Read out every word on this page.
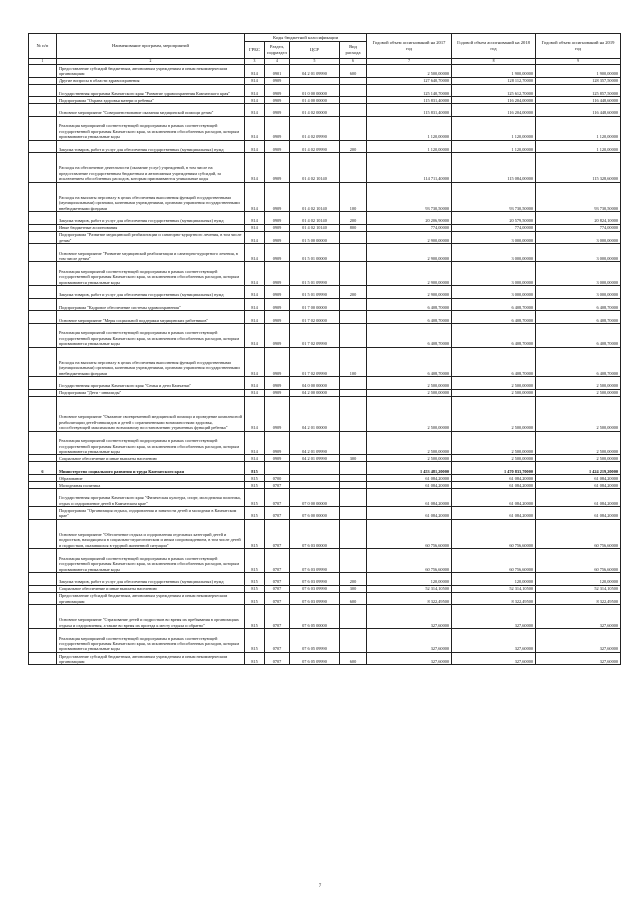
№ п/п	Наименование программ, мероприятий	Коды бюджетной классификации				Годовой объем ассигнований на 2017 год	Годовой объем ассигнований на 2018 год	Годовой объем ассигнований на 2019 год
		ГРБС	Раздел, подраздел	ЦСР	Вид расхода			
1	2	3	4	5	6	7	8	9
	Предоставление субсидий бюджетным, автономным учреждениям и иным некоммерческим организациям	814	0901	04 2 01 09990	600	2 500,00000	1 900,00000	1 900,00000
	Другие вопросы в области здравоохранения	814	0909			127 640,70000	128 112,70000	128 357,50000
	Государственная программа Камчатского края "Развитие здравоохранения Камчатского края"	814	0909	01 0 00 00000		125 140,70000	125 612,70000	125 857,50000
	Подпрограмма "Охрана здоровья матери и ребенка"	814	0909	01 4 00 00000		115 831,40000	116 204,00000	116 448,60000
	Основное мероприятие "Совершенствование оказания медицинской помощи детям"	814	0909	01 4 02 00000		115 831,40000	116 204,00000	116 448,60000
	Реализация мероприятий соответствующей подпрограммы в рамках соответствующей государственной программы Камчатского края, за исключением обособленных расходов, которым присваиваются уникальные коды	814	0909	01 4 02 09990		1 120,00000	1 120,00000	1 120,00000
	Закупка товаров, работ и услуг для обеспечения государственных (муниципальных) нужд	814	0909	01 4 02 09990	200	1 120,00000	1 120,00000	1 120,00000
	Расходы на обеспечение деятельности (оказание услуг) учреждений, в том числе на предоставление государственным бюджетным и автономным учреждениям субсидий, за исключением обособленных расходов, которым присваиваются уникальные коды	814	0909	01 4 02 10140		114 711,40000	115 084,00000	115 328,60000
	Расходы на выплаты персоналу в целях обеспечения выполнения функций государственными (муниципальными) органами, казенными учреждениями, органами управления государственными внебюджетными фондами	814	0909	01 4 02 10140	100	93 730,50000	93 730,50000	93 730,50000
	Закупка товаров, работ и услуг для обеспечения государственных (муниципальных) нужд	814	0909	01 4 02 10140	200	20 206,90000	20 579,50000	20 824,10000
	Иные бюджетные ассигнования	814	0909	01 4 02 10140	800	774,00000	774,00000	774,00000
	Подпрограмма "Развитие медицинской реабилитации и санаторно-курортного лечения, в том числе детям"	814	0909	01 5 00 00000		2 900,00000	3 000,00000	3 000,00000
	Основное мероприятие "Развитие медицинской реабилитации и санаторно-курортного лечения, в том числе детям"	814	0909	01 5 01 00000		2 900,00000	3 000,00000	3 000,00000
	Реализация мероприятий соответствующей подпрограммы в рамках соответствующей государственной программы Камчатского края, за исключением обособленных расходов, которым присваиваются уникальные коды	814	0909	01 5 01 09990		2 900,00000	3 000,00000	3 000,00000
	Закупка товаров, работ и услуг для обеспечения государственных (муниципальных) нужд	814	0909	01 5 01 09990	200	2 900,00000	3 000,00000	3 000,00000
	Подпрограмма "Кадровое обеспечение системы здравоохранения"	814	0909	01 7 00 00000		6 408,70000	6 408,70000	6 408,70000
	Основное мероприятие "Меры социальной поддержки медицинских работников"	814	0909	01 7 02 00000		6 408,70000	6 408,70000	6 408,70000
	Реализация мероприятий соответствующей подпрограммы в рамках соответствующей государственной программы Камчатского края, за исключением обособленных расходов, которым присваиваются уникальные коды	814	0909	01 7 02 09990		6 408,70000	6 408,70000	6 408,70000
	Расходы на выплаты персоналу в целях обеспечения выполнения функций государственными (муниципальными) органами, казенными учреждениями, органами управления государственными внебюджетными фондами	814	0909	01 7 02 09990	100	6 408,70000	6 408,70000	6 408,70000
	Государственная программа Камчатского края "Семья и дети Камчатки"	814	0909	04 0 00 00000		2 500,00000	2 500,00000	2 500,00000
	Подпрограмма "Дети - инвалиды"	814	0909	04 2 00 00000		2 500,00000	2 500,00000	2 500,00000
	Основное мероприятие "Оказание своевременной медицинской помощи и проведение комплексной реабилитации детей-инвалидов и детей с ограниченными возможностями здоровья, способствующей максимально возможному восстановлению утраченных функций ребенка"	814	0909	04 2 01 00000		2 500,00000	2 500,00000	2 500,00000
	Реализация мероприятий соответствующей подпрограммы в рамках соответствующей государственной программы Камчатского края, за исключением обособленных расходов, которым присваиваются уникальные коды	814	0909	04 2 01 09990		2 500,00000	2 500,00000	2 500,00000
	Социальное обеспечение и иные выплаты населению	814	0909	04 2 01 09990	300	2 500,00000	2 500,00000	2 500,00000
6	Министерство социального развития и труда Камчатского края	815				1 453 481,20000	1 470 833,70000	1 424 219,20000
	Образование	815	0700			61 084,20000	61 084,20000	61 084,20000
	Молодежная политика	815	0707			61 084,20000	61 084,20000	61 084,20000
	Государственная программа Камчатского края "Физическая культура, спорт, молодежная политика, отдых и оздоровление детей в Камчатском крае"	815	0707	07 0 00 00000		61 084,20000	61 084,20000	61 084,20000
	Подпрограмма "Организация отдыха, оздоровления и занятости детей и молодежи в Камчатском крае"	815	0707	07 6 00 00000		61 084,20000	61 084,20000	61 084,20000
	Основное мероприятие "Обеспечение отдыха и оздоровления отдельных категорий детей и подростков, находящихся в социально-педагогическом и иным сопровождением, в том числе детей и подростков, оказавшихся в трудной жизненной ситуации"	815	0707	07 6 03 00000		60 756,60000	60 756,60000	60 756,60000
	Реализация мероприятий соответствующей подпрограммы в рамках соответствующей государственной программы Камчатского края, за исключением обособленных расходов, которым присваиваются уникальные коды	815	0707	07 6 03 09990		60 756,60000	60 756,60000	60 756,60000
	Закупка товаров, работ и услуг для обеспечения государственных (муниципальных) нужд	815	0707	07 6 03 09990	200	120,00000	120,00000	120,00000
	Социальное обеспечение и иные выплаты населению	815	0707	07 6 03 09990	300	52 314,10500	52 314,10500	52 314,10500
	Предоставление субсидий бюджетным, автономным учреждениям и иным некоммерческим организациям	815	0707	07 6 03 09990	600	8 322,49500	8 322,49500	8 322,49500
	Основное мероприятие "Страхование детей и подростков во время их пребывания в организациях отдыха и оздоровления, а также во время их проезда к месту отдыха и обратно"	815	0707	07 6 05 00000		327,60000	327,60000	327,60000
	Реализация мероприятий соответствующей подпрограммы в рамках соответствующей государственной программы Камчатского края, за исключением обособленных расходов, которым присваиваются уникальные коды	815	0707	07 6 05 09990		327,60000	327,60000	327,60000
	Предоставление субсидий бюджетным, автономным учреждениям и иным некоммерческим организациям	815	0707	07 6 05 09990	600	327,60000	327,60000	327,60000
7
